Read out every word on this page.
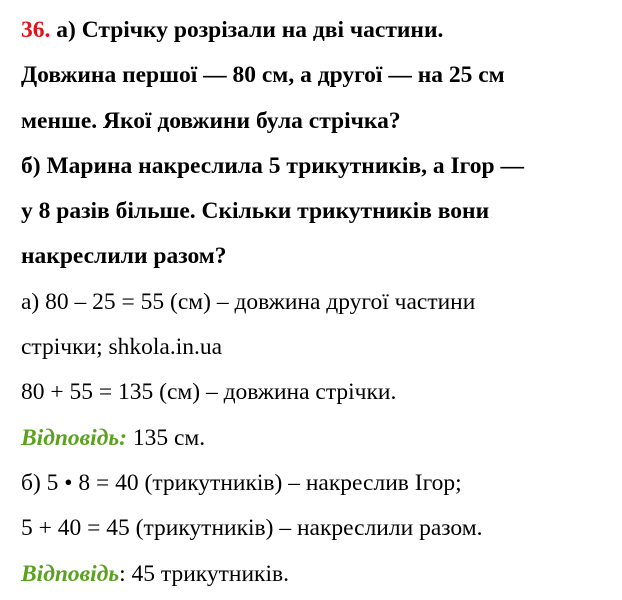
36. а) Стрічку розрізали на дві частини.
Довжина першої — 80 см, а другої — на 25 см
менше. Якої довжини була стрічка?
б) Марина накреслила 5 трикутників, а Ігор —
у 8 разів більше. Скільки трикутників вони
накреслили разом?
а) 80 – 25 = 55 (см) – довжина другої частини
стрічки; shkola.in.ua
80 + 55 = 135 (см) – довжина стрічки.
Відповідь: 135 см.
б) 5 • 8 = 40 (трикутників) – накреслив Ігор;
5 + 40 = 45 (трикутників) – накреслили разом.
Відповідь: 45 трикутників.
